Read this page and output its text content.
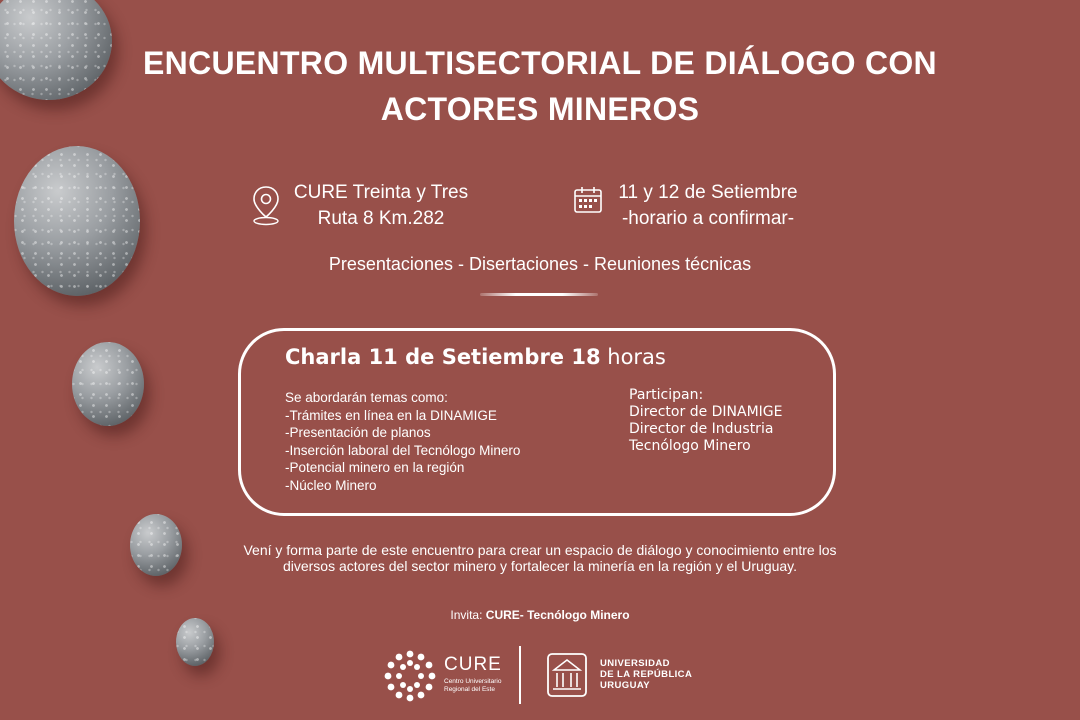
ENCUENTRO MULTISECTORIAL DE DIÁLOGO CON ACTORES MINEROS
CURE Treinta y Tres
Ruta 8 Km.282
11 y 12 de Setiembre
-horario a confirmar-
Presentaciones - Disertaciones - Reuniones técnicas
Charla 11 de Setiembre 18 horas
Se abordarán temas como:
-Trámites en línea en la DINAMIGE
-Presentación de planos
-Inserción laboral del Tecnólogo Minero
-Potencial minero en la región
-Núcleo Minero
Participan:
Director de DINAMIGE
Director de Industria
Tecnólogo Minero
Vení y forma parte de este encuentro para crear un espacio de diálogo y conocimiento entre los diversos actores del sector minero y fortalecer la minería en la región y el Uruguay.
Invita: CURE- Tecnólogo Minero
CURE
Centro Universitario
Regional del Este
UNIVERSIDAD
DE LA REPÚBLICA
URUGUAY
